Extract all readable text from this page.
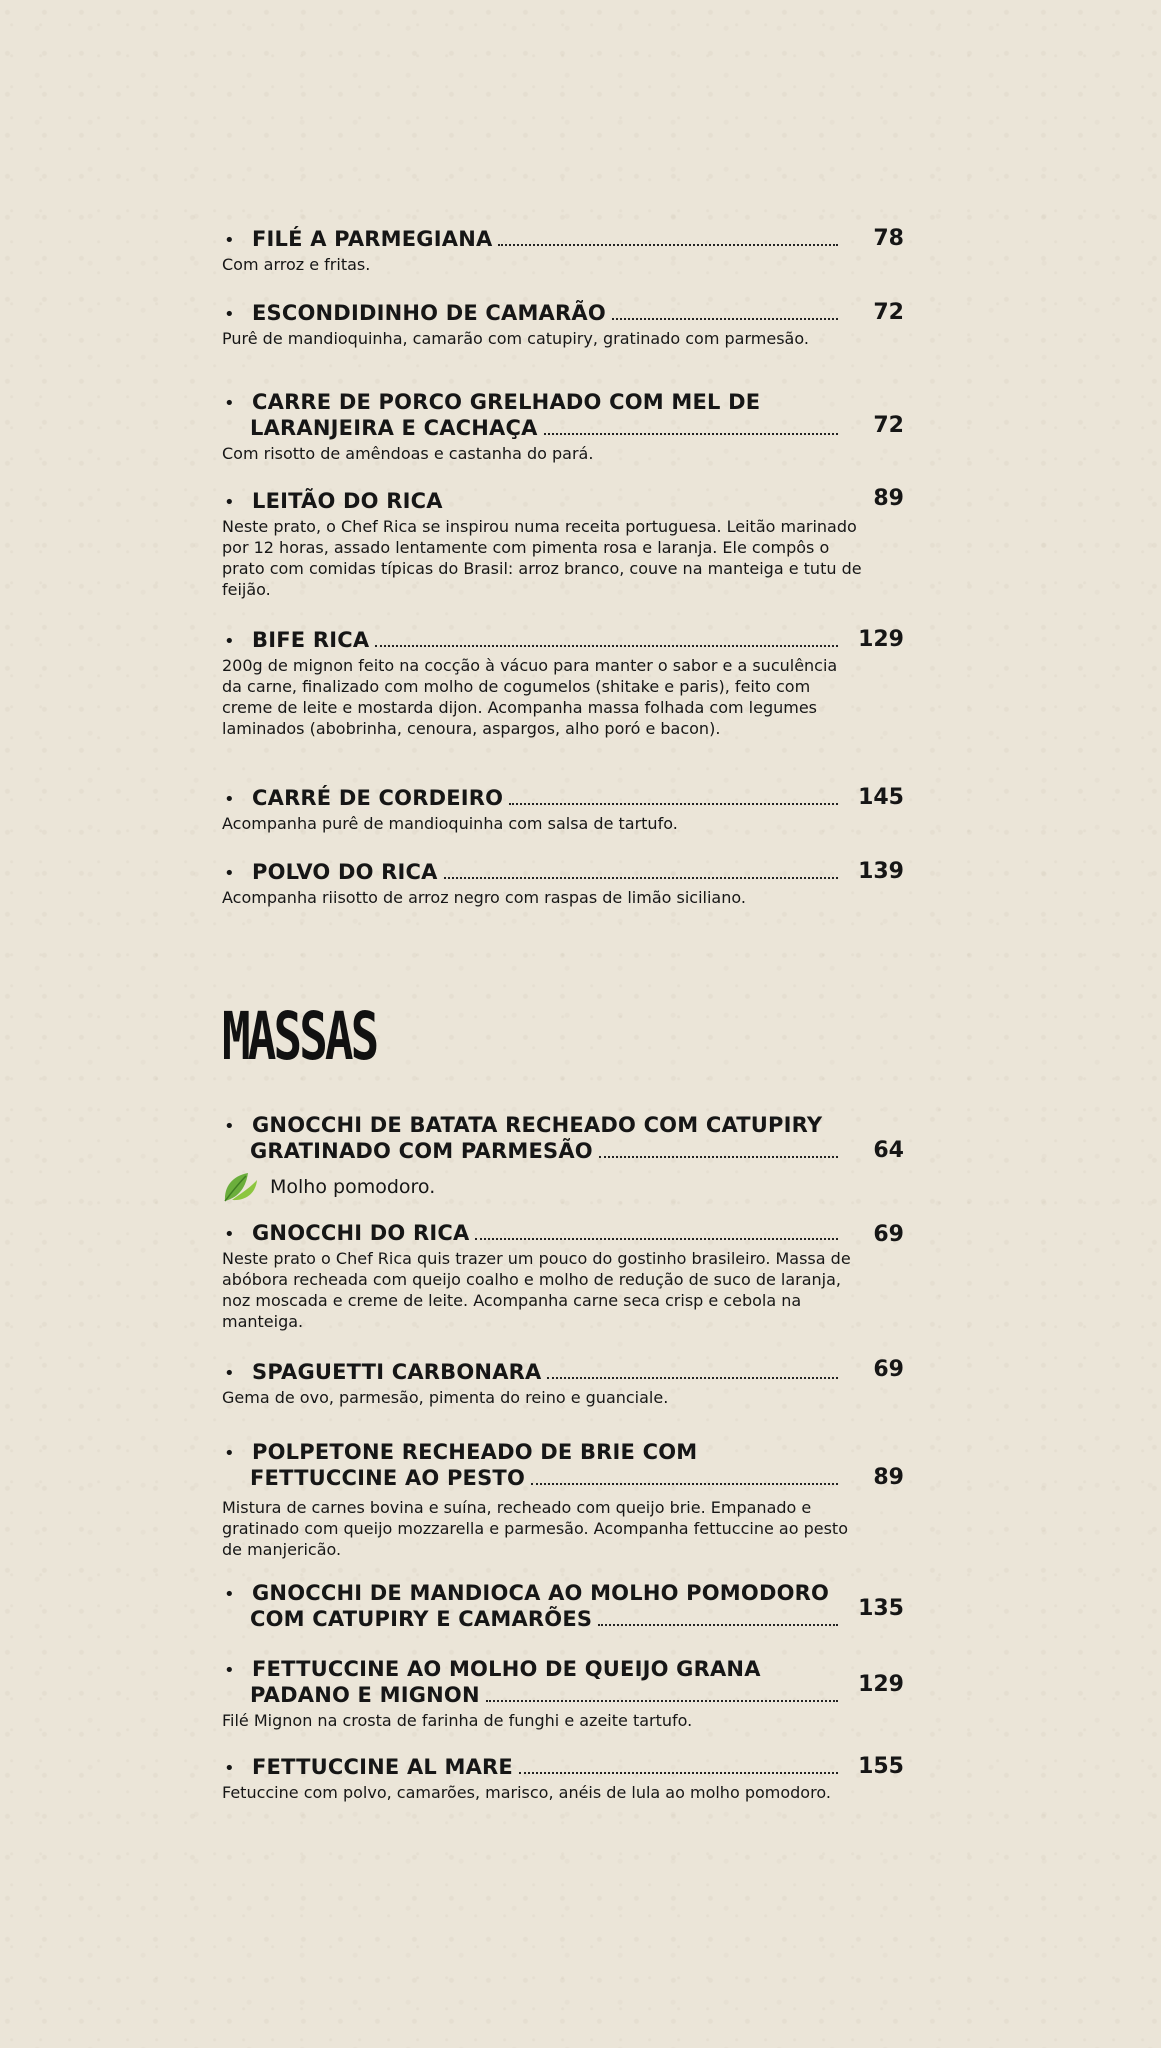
• FILÉ A PARMEGIANA	78
Com arroz e fritas.
• ESCONDIDINHO DE CAMARÃO	72
Purê de mandioquinha, camarão com catupiry, gratinado com parmesão.
• CARRE DE PORCO GRELHADO COM MEL DE
LARANJEIRA E CACHAÇA	72
Com risotto de amêndoas e castanha do pará.
• LEITÃO DO RICA	89
Neste prato, o Chef Rica se inspirou numa receita portuguesa. Leitão marinado por 12 horas, assado lentamente com pimenta rosa e laranja. Ele compôs o prato com comidas típicas do Brasil: arroz branco, couve na manteiga e tutu de feijão.
• BIFE RICA	129
200g de mignon feito na cocção à vácuo para manter o sabor e a suculência da carne, finalizado com molho de cogumelos (shitake e paris), feito com creme de leite e mostarda dijon. Acompanha massa folhada com legumes laminados (abobrinha, cenoura, aspargos, alho poró e bacon).
• CARRÉ DE CORDEIRO	145
Acompanha purê de mandioquinha com salsa de tartufo.
• POLVO DO RICA	139
Acompanha riisotto de arroz negro com raspas de limão siciliano.
MASSAS
• GNOCCHI DE BATATA RECHEADO COM CATUPIRY
GRATINADO COM PARMESÃO	64
Molho pomodoro.
• GNOCCHI DO RICA	69
Neste prato o Chef Rica quis trazer um pouco do gostinho brasileiro. Massa de abóbora recheada com queijo coalho e molho de redução de suco de laranja, noz moscada e creme de leite. Acompanha carne seca crisp e cebola na manteiga.
• SPAGUETTI CARBONARA	69
Gema de ovo, parmesão, pimenta do reino e guanciale.
• POLPETONE RECHEADO DE BRIE COM
FETTUCCINE AO PESTO	89
Mistura de carnes bovina e suína, recheado com queijo brie. Empanado e gratinado com queijo mozzarella e parmesão. Acompanha fettuccine ao pesto de manjericão.
• GNOCCHI DE MANDIOCA AO MOLHO POMODORO
COM CATUPIRY E CAMARÕES	135
• FETTUCCINE AO MOLHO DE QUEIJO GRANA
PADANO E MIGNON	129
Filé Mignon na crosta de farinha de funghi e azeite tartufo.
• FETTUCCINE AL MARE	155
Fetuccine com polvo, camarões, marisco, anéis de lula ao molho pomodoro.
